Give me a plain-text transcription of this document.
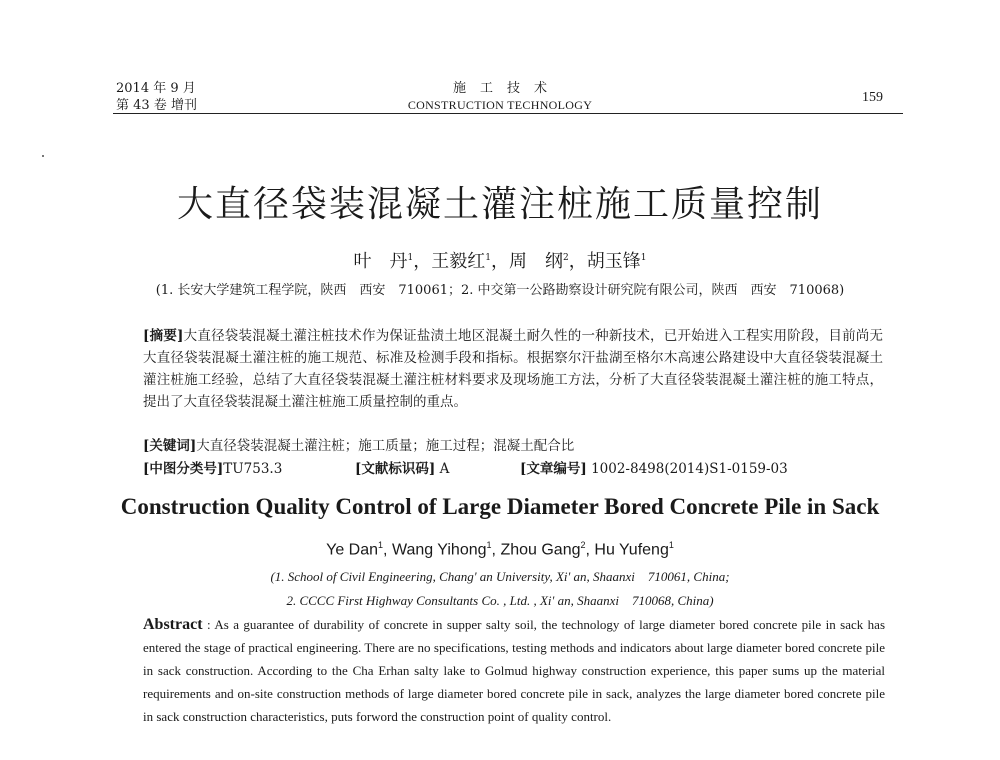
2014 年 9 月
第 43 卷 增刊
施工技术
CONSTRUCTION TECHNOLOGY	159
大直径袋装混凝土灌注桩施工质量控制
叶　丹$^1$，王毅红$^1$，周　纲$^2$，胡玉锋$^1$
(1. 长安大学建筑工程学院，陕西　西安　710061；2. 中交第一公路勘察设计研究院有限公司，陕西　西安　710068)
[摘要]大直径袋装混凝土灌注桩技术作为保证盐渍土地区混凝土耐久性的一种新技术，已开始进入工程实用阶段，目前尚无大直径袋装混凝土灌注桩的施工规范、标准及检测手段和指标。根据察尔汗盐湖至格尔木高速公路建设中大直径袋装混凝土灌注桩施工经验，总结了大直径袋装混凝土灌注桩材料要求及现场施工方法，分析了大直径袋装混凝土灌注桩的施工特点，提出了大直径袋装混凝土灌注桩施工质量控制的重点。
[关键词]大直径袋装混凝土灌注桩；施工质量；施工过程；混凝土配合比
[中图分类号]TU753.3	[文献标识码] A	[文章编号] 1002-8498(2014)S1-0159-03
Construction Quality Control of Large Diameter Bored Concrete Pile in Sack
Ye Dan$^1$, Wang Yihong$^1$, Zhou Gang$^2$, Hu Yufeng$^1$
(1. School of Civil Engineering, Chang' an University, Xi' an, Shaanxi　710061, China;
2. CCCC First Highway Consultants Co. , Ltd. , Xi' an, Shaanxi　710068, China)
Abstract : As a guarantee of durability of concrete in supper salty soil, the technology of large diameter bored concrete pile in sack has entered the stage of practical engineering. There are no specifications, testing methods and indicators about large diameter bored concrete pile in sack construction. According to the Cha Erhan salty lake to Golmud highway construction experience, this paper sums up the material requirements and on-site construction methods of large diameter bored concrete pile in sack, analyzes the large diameter bored concrete pile in sack construction characteristics, puts forword the construction point of quality control.
